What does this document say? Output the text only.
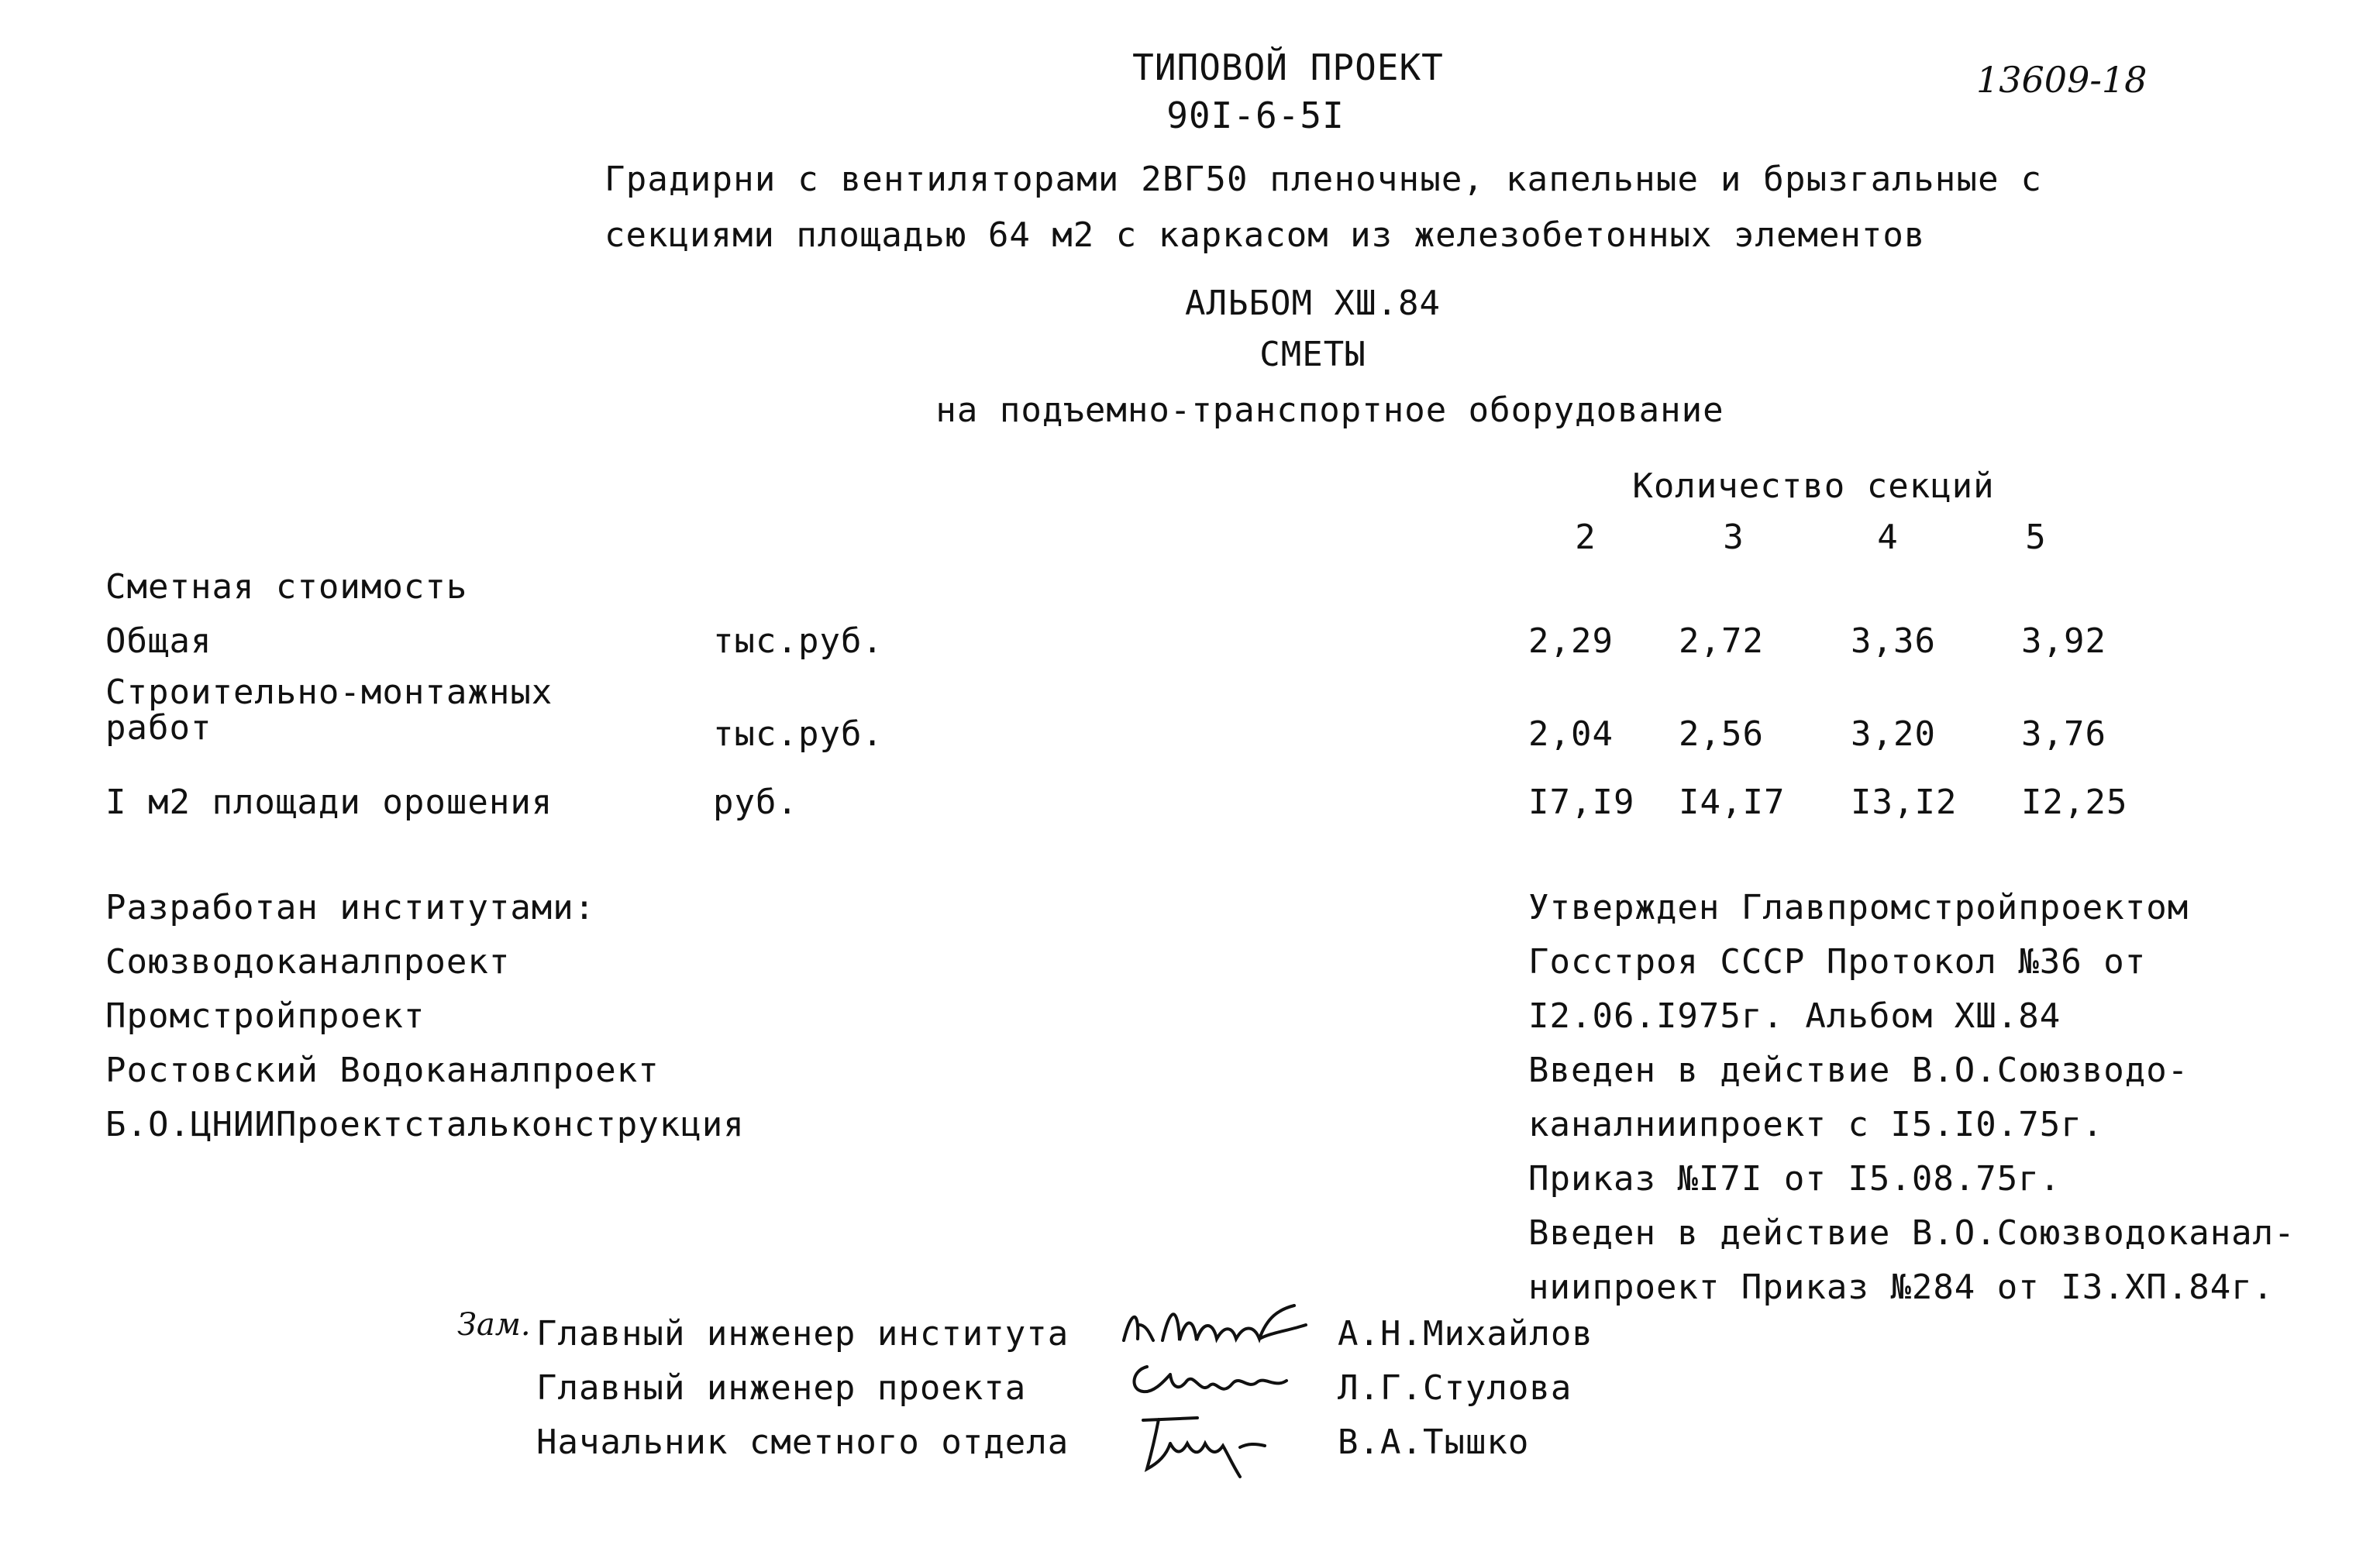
ТИПОВОЙ ПРОЕКТ
90I-6-5I
13609-18
Градирни с вентиляторами 2ВГ50 пленочные, капельные и брызгальные с
секциями площадью 64 м2 с каркасом из железобетонных элементов
АЛЬБОМ ХШ.84
СМЕТЫ
на подъемно-транспортное оборудование
Количество секций
2	3	4	5
Сметная стоимость
Общая	тыс.руб.	2,29 2,72	3,36	3,92
Строительно-монтажных
работ	тыс.руб.	2,04 2,56	3,20	3,76
I м2 площади орошения	руб.	I7,I9 I4,I7 I3,I2 I2,25
Разработан институтами:
Союзводоканалпроект
Промстройпроект
Ростовский Водоканалпроект
Б.О.ЦНИИПроектстальконструкция
Утвержден Главпромстройпроектом
Госстроя СССР Протокол №36 от
I2.06.I975г. Альбом ХШ.84
Введен в действие В.О.Союзводо-
каналниипроект с I5.I0.75г.
Приказ №I7I от I5.08.75г.
Введен в действие В.О.Союзводоканал-
ниипроект Приказ №284 от I3.ХП.84г.
Зам. Главный инженер института
Главный инженер проекта
Начальник сметного отдела
А.Н.Михайлов
Л.Г.Стулова
В.А.Тышко
